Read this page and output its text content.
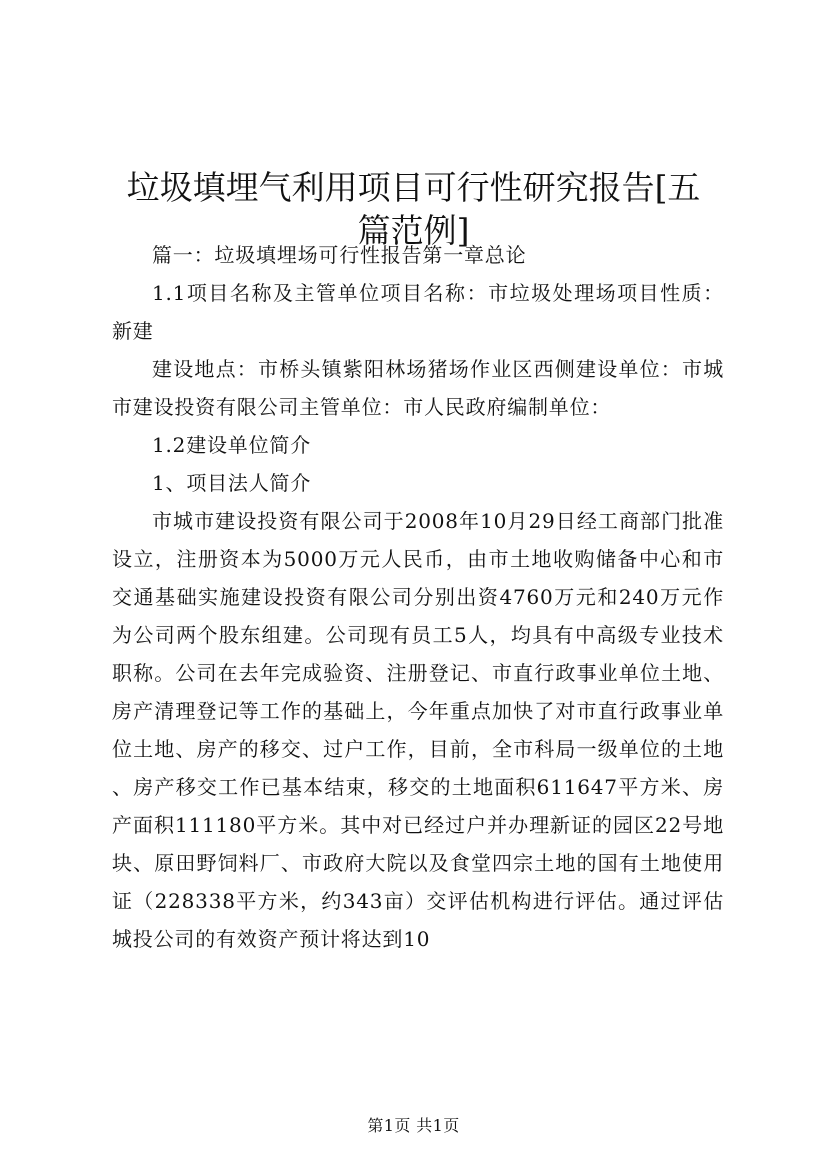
垃圾填埋气利用项目可行性研究报告[五篇范例]

篇一：垃圾填埋场可行性报告第一章总论

1.1项目名称及主管单位项目名称：市垃圾处理场项目性质：新建

建设地点：市桥头镇紫阳林场猪场作业区西侧建设单位：市城市建设投资有限公司主管单位：市人民政府编制单位：

1.2建设单位简介

1、项目法人简介

市城市建设投资有限公司于2008年10月29日经工商部门批准设立，注册资本为5000万元人民币，由市土地收购储备中心和市交通基础实施建设投资有限公司分别出资4760万元和240万元作为公司两个股东组建。公司现有员工5人，均具有中高级专业技术职称。公司在去年完成验资、注册登记、市直行政事业单位土地、房产清理登记等工作的基础上，今年重点加快了对市直行政事业单位土地、房产的移交、过户工作，目前，全市科局一级单位的土地、房产移交工作已基本结束，移交的土地面积611647平方米、房产面积111180平方米。其中对已经过户并办理新证的园区22号地块、原田野饲料厂、市政府大院以及食堂四宗土地的国有土地使用证（228338平方米，约343亩）交评估机构进行评估。通过评估城投公司的有效资产预计将达到10

第1页 共1页
